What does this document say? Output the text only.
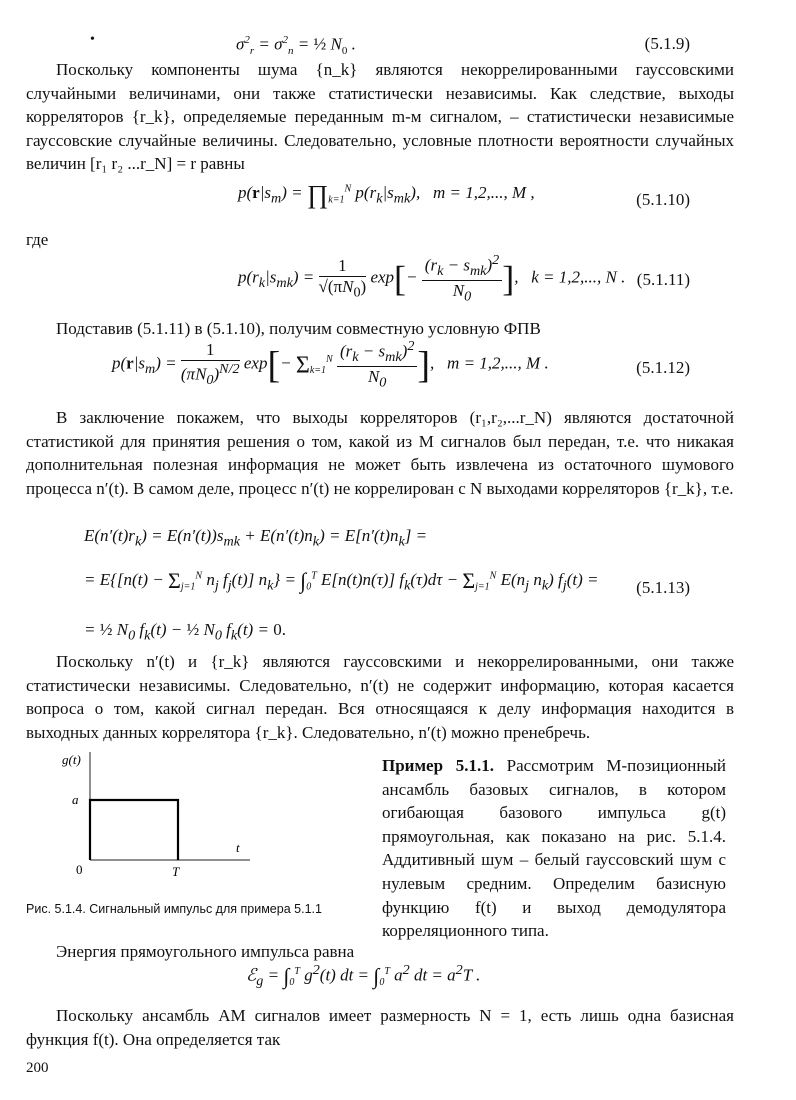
•	$\sigma^2_r = \sigma^2_n$ = ½ $N_0$ .	(5.1.9)
Поскольку компоненты шума {n_k} являются некоррелированными гауссовскими случайными величинами, они также статистически независимы. Как следствие, выходы корреляторов {r_k}, определяемые переданным m-м сигналом, – статистически независимые гауссовские случайные величины. Следовательно, условные плотности вероятности случайных величин [r₁ r₂ ...r_N] = r равны
$p(r|s_m)$ = $\prod_{k=1}^N$ $p(r_k|s_{mk})$,   m = 1,2,..., M ,	(5.1.10)
где
$p(r_k|s_{mk}) = \frac{1}{√(\pi N_0)} \exp[-$
$(r_k - s_{mk})^2$
$N_0$ ],   k = 1,2,..., N . (5.1.11)
Подставив (5.1.11) в (5.1.10), получим совместную условную ФПВ
$p(r|s_m) = \frac{1}{(\pi N_0)^{N/2}} \exp[- \Sigma_{k=1}^N$ $(r_k - s_{mk})^2$
$N_0$ ],   m = 1,2,..., M .	(5.1.12)
В заключение покажем, что выходы корреляторов (r₁,r₂,...r_N) являются достаточной статистикой для принятия решения о том, какой из M сигналов был передан, т.е. что никакая дополнительная полезная информация не может быть извлечена из остаточного шумового процесса n′(t). В самом деле, процесс n′(t) не коррелирован с N выходами корреляторов {r_k}, т.е.
$E(n'(t)r_k) = E(n'(t))s_{mk} + E(n'(t)n_k) = E[n'(t)n_k]$ =
= $E\{[n(t) - \Sigma_{j=1}^N$ $n_j$ $f_j(t)$] $n_k\} = \int_0^T$ E[n(t)n(τ)] $f_k(\tau)d\tau - \Sigma_{j=1}^N$ $E(n_j$ $n_k$) $f_j(t) = (5.1.13)$
= ½ $N_0$ $f_k(t)$ − ½ $N_0$ $f_k(t) = 0$.
Поскольку n′(t) и {r_k} являются гауссовскими и некоррелированными, они также статистически независимы. Следовательно, n′(t) не содержит информацию, которая касается вопроса о том, какой сигнал передан. Вся относящаяся к делу информация находится в выходных данных коррелятора {r_k}. Следовательно, n′(t) можно пренебречь.
g(t)
a
t
0	T
Рис. 5.1.4. Сигнальный импульс для примера 5.1.1
Пример 5.1.1. Рассмотрим M-позиционный ансамбль базовых сигналов, в котором огибающая базового импульса g(t) прямоугольная, как показано на рис. 5.1.4. Аддитивный шум – белый гауссовский шум с нулевым средним. Определим базисную функцию f(t) и выход демодулятора корреляционного типа.
Энергия прямоугольного импульса равна
ℰ$_g$ = $\int_0^T$ $g^2(t)$ dt = $\int_0^T$ $a^2$ dt = $a^2T$ .
Поскольку ансамбль АМ сигналов имеет размерность N = 1, есть лишь одна базисная функция f(t). Она определяется так
200
